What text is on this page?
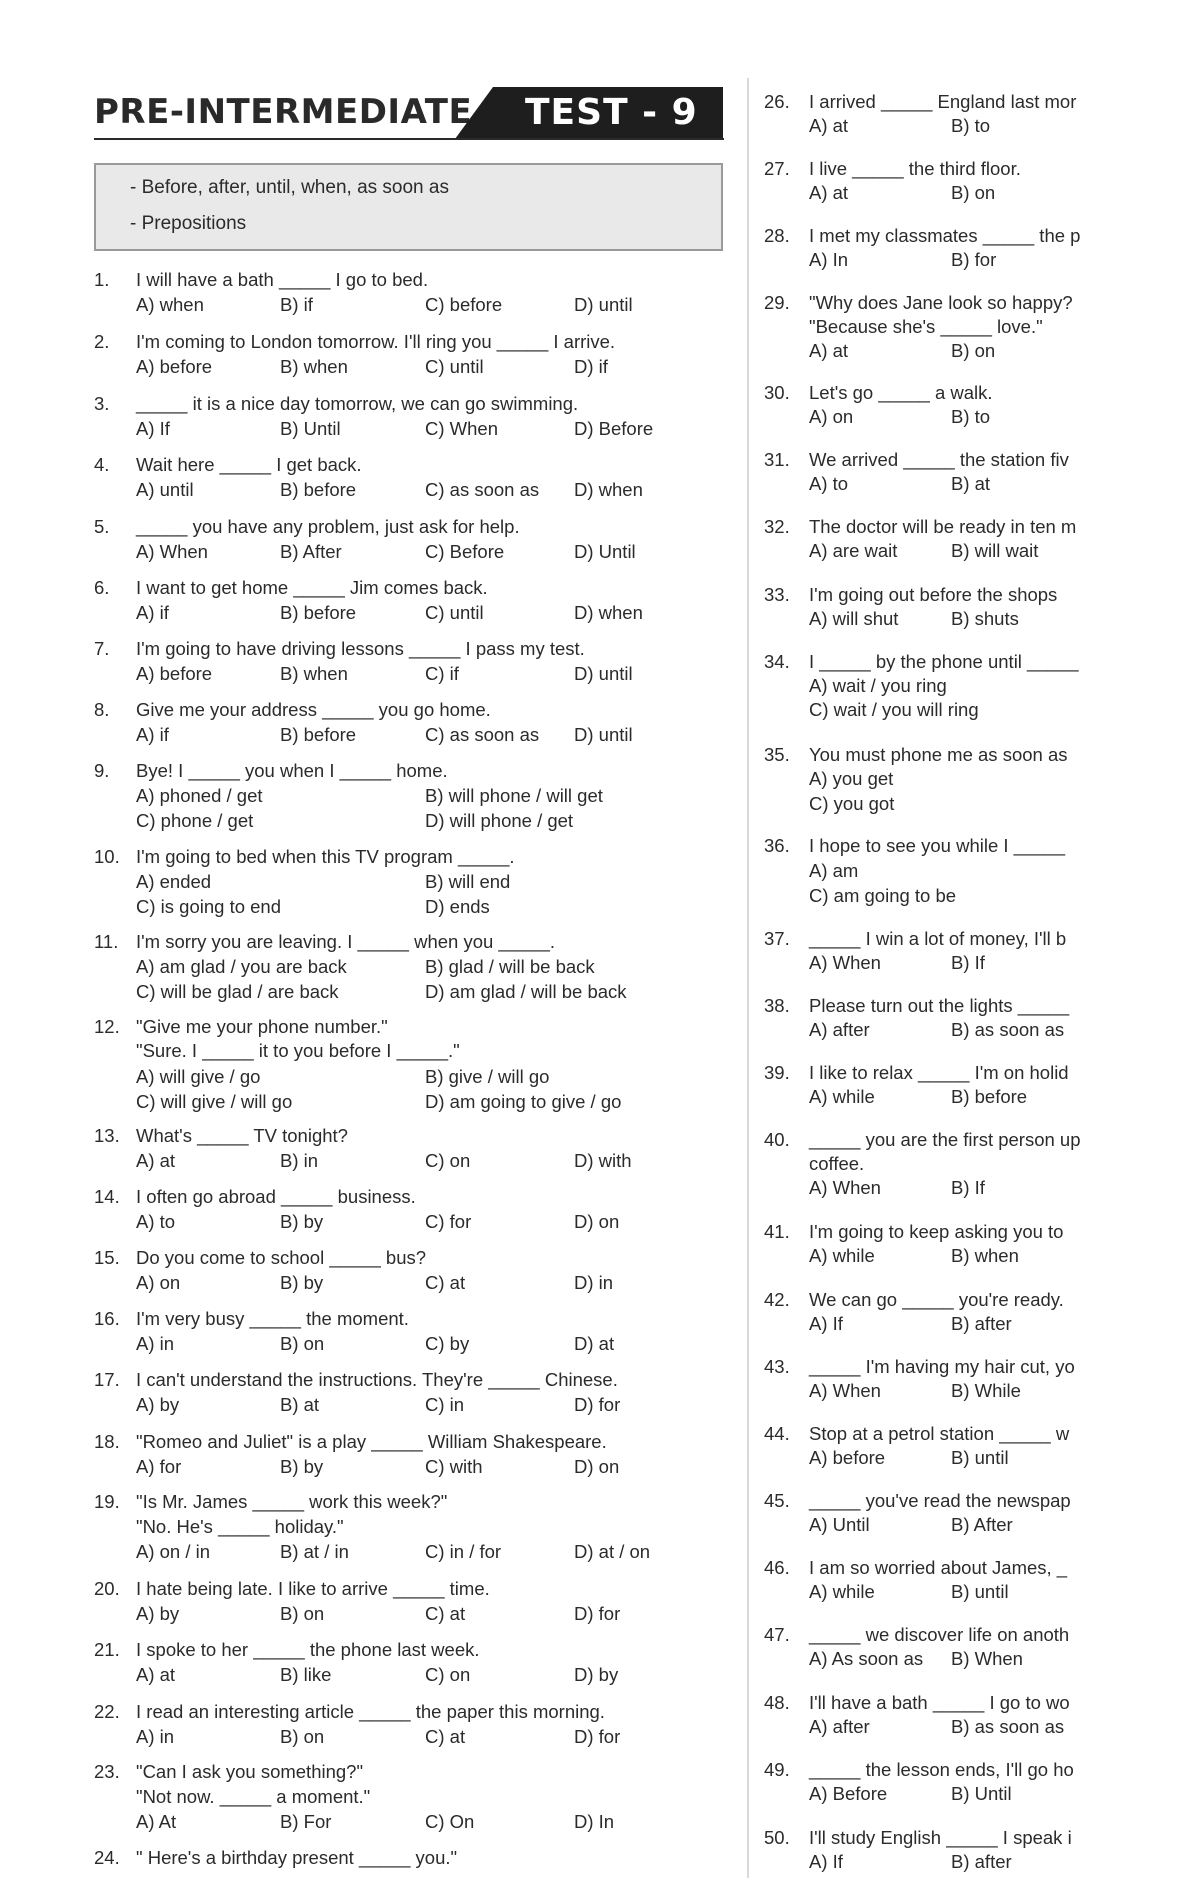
PRE-INTERMEDIATE TEST - 9
- Before, after, until, when, as soon as
- Prepositions
1. I will have a bath _____ I go to bed.
A) when	B) if	C) before	D) until
2. I'm coming to London tomorrow. I'll ring you _____ I arrive.
A) before	B) when	C) until	D) if
3. _____ it is a nice day tomorrow, we can go swimming.
A) If	B) Until	C) When	D) Before
4. Wait here _____ I get back.
A) until	B) before	C) as soon as D) when
5. _____ you have any problem, just ask for help.
A) When	B) After	C) Before	D) Until
6. I want to get home _____ Jim comes back.
A) if	B) before	C) until	D) when
7. I'm going to have driving lessons _____ I pass my test.
A) before	B) when	C) if	D) until
8. Give me your address _____ you go home.
A) if	B) before	C) as soon as D) until
9. Bye! I _____ you when I _____ home.
A) phoned / get	B) will phone / will get
C) phone / get	D) will phone / get
10. I'm going to bed when this TV program _____.
A) ended	B) will end
C) is going to end	D) ends
11. I'm sorry you are leaving. I _____ when you _____.
A) am glad / you are back	B) glad / will be back
C) will be glad / are back	D) am glad / will be back
12. "Give me your phone number."
"Sure. I _____ it to you before I _____."
A) will give / go	B) give / will go
C) will give / will go	D) am going to give / go
13. What's _____ TV tonight?
A) at	B) in	C) on	D) with
14. I often go abroad _____ business.
A) to	B) by	C) for	D) on
15. Do you come to school _____ bus?
A) on	B) by	C) at	D) in
16. I'm very busy _____ the moment.
A) in	B) on	C) by	D) at
17. I can't understand the instructions. They're _____ Chinese.
A) by	B) at	C) in	D) for
18. "Romeo and Juliet" is a play _____ William Shakespeare.
A) for	B) by	C) with	D) on
19. "Is Mr. James _____ work this week?"
"No. He's _____ holiday."
A) on / in	B) at / in	C) in / for	D) at / on
20. I hate being late. I like to arrive _____ time.
A) by	B) on	C) at	D) for
21. I spoke to her _____ the phone last week.
A) at	B) like	C) on	D) by
22. I read an interesting article _____ the paper this morning.
A) in	B) on	C) at	D) for
23. "Can I ask you something?"
"Not now. _____ a moment."
A) At	B) For	C) On	D) In
24. " Here's a birthday present _____ you."
26. I arrived _____ England last mor
A) at	B) to
27. I live _____ the third floor.
A) at	B) on
28. I met my classmates _____ the p
A) In	B) for
29. "Why does Jane look so happy?
"Because she's _____ love."
A) at	B) on
30. Let's go _____ a walk.
A) on	B) to
31. We arrived _____ the station fiv
A) to	B) at
32. The doctor will be ready in ten m
A) are wait	B) will wait
33. I'm going out before the shops
A) will shut	B) shuts
34. I _____ by the phone until _____
A) wait / you ring
C) wait / you will ring
35. You must phone me as soon as
A) you get
C) you got
36. I hope to see you while I _____
A) am
C) am going to be
37. _____ I win a lot of money, I'll b
A) When	B) If
38. Please turn out the lights _____
A) after	B) as soon as
39. I like to relax _____ I'm on holid
A) while	B) before
40. _____ you are the first person up
coffee.
A) When	B) If
41. I'm going to keep asking you to
A) while	B) when
42. We can go _____ you're ready.
A) If	B) after
43. _____ I'm having my hair cut, yo
A) When	B) While
44. Stop at a petrol station _____ w
A) before	B) until
45. _____ you've read the newspap
A) Until	B) After
46. I am so worried about James, _
A) while	B) until
47. _____ we discover life on anoth
A) As soon as B) When
48. I'll have a bath _____ I go to wo
A) after	B) as soon as
49. _____ the lesson ends, I'll go ho
A) Before	B) Until
50. I'll study English _____ I speak i
A) If	B) after
